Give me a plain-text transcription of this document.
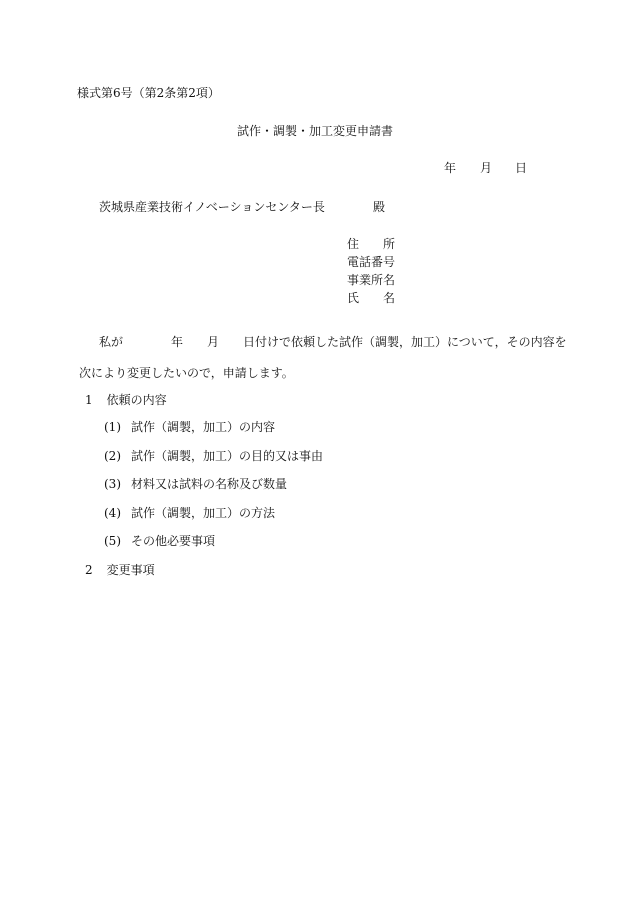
様式第6号（第2条第2項）
試作・調製・加工変更申請書
年 月 日
茨城県産業技術イノベーションセンター長	殿
住　　所
電話番号
事業所名
氏　　名
私が	年 月 日付けで依頼した試作（調製，加工）について，その内容を
次により変更したいので，申請します。
1 依頼の内容
(1) 試作（調製，加工）の内容
(2) 試作（調製，加工）の目的又は事由
(3) 材料又は試料の名称及び数量
(4) 試作（調製，加工）の方法
(5) その他必要事項
2 変更事項
